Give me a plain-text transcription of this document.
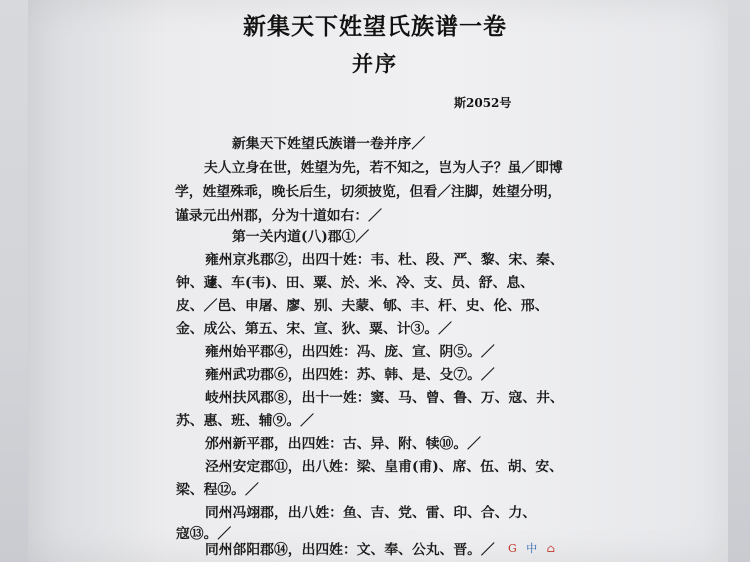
新集天下姓望氏族谱一卷
并序
斯2052号
新集天下姓望氏族谱一卷并序／
夫人立身在世，姓望为先，若不知之，岂为人子？虽／即博
学，姓望殊乖，晚长后生，切须披览，但看／注脚，姓望分明，
谨录元出州郡，分为十道如右：／
第一关内道(八)郡①／
雍州京兆郡②，出四十姓：韦、杜、段、严、黎、宋、秦、
钟、蘧、车(韦)、田、粟、於、米、冷、支、员、舒、息、
皮、／邑、申屠、廖、别、夫蒙、郇、丰、杆、史、伦、邢、
金、成公、第五、宋、宣、狄、粟、计③。／
雍州始平郡④，出四姓：冯、庞、宣、阴⑤。／
雍州武功郡⑥，出四姓：苏、韩、是、殳⑦。／
岐州扶风郡⑧，出十一姓：窦、马、曾、鲁、万、寇、井、
苏、惠、班、辅⑨。／
邠州新平郡，出四姓：古、异、附、犊⑩。／
泾州安定郡⑪，出八姓：梁、皇甫(甫)、席、伍、胡、安、
梁、程⑫。／
同州冯翊郡，出八姓：鱼、吉、党、雷、印、合、力、
寇⑬。／
同州郃阳郡⑭，出四姓：文、奉、公丸、晋。／ G 中 ⌂
